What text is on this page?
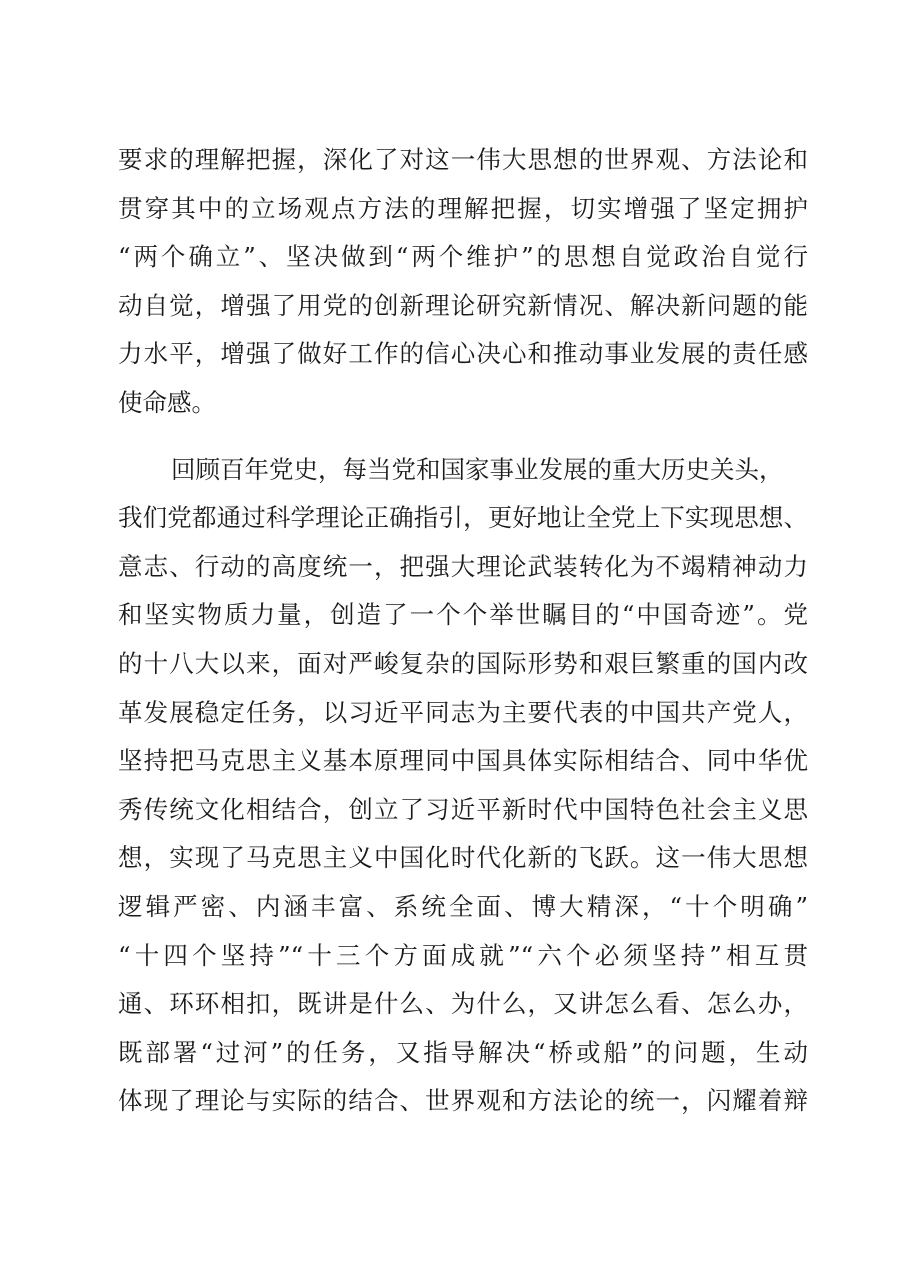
要求的理解把握，深化了对这一伟大思想的世界观、方法论和
贯穿其中的立场观点方法的理解把握，切实增强了坚定拥护
“两个确立”、坚决做到“两个维护”的思想自觉政治自觉行
动自觉，增强了用党的创新理论研究新情况、解决新问题的能
力水平，增强了做好工作的信心决心和推动事业发展的责任感
使命感。
回顾百年党史，每当党和国家事业发展的重大历史关头，
我们党都通过科学理论正确指引，更好地让全党上下实现思想、
意志、行动的高度统一，把强大理论武装转化为不竭精神动力
和坚实物质力量，创造了一个个举世瞩目的“中国奇迹”。党
的十八大以来，面对严峻复杂的国际形势和艰巨繁重的国内改
革发展稳定任务，以习近平同志为主要代表的中国共产党人，
坚持把马克思主义基本原理同中国具体实际相结合、同中华优
秀传统文化相结合，创立了习近平新时代中国特色社会主义思
想，实现了马克思主义中国化时代化新的飞跃。这一伟大思想
逻辑严密、内涵丰富、系统全面、博大精深，“十个明确”
“十四个坚持”“十三个方面成就”“六个必须坚持”相互贯
通、环环相扣，既讲是什么、为什么，又讲怎么看、怎么办，
既部署“过河”的任务，又指导解决“桥或船”的问题，生动
体现了理论与实际的结合、世界观和方法论的统一，闪耀着辩
